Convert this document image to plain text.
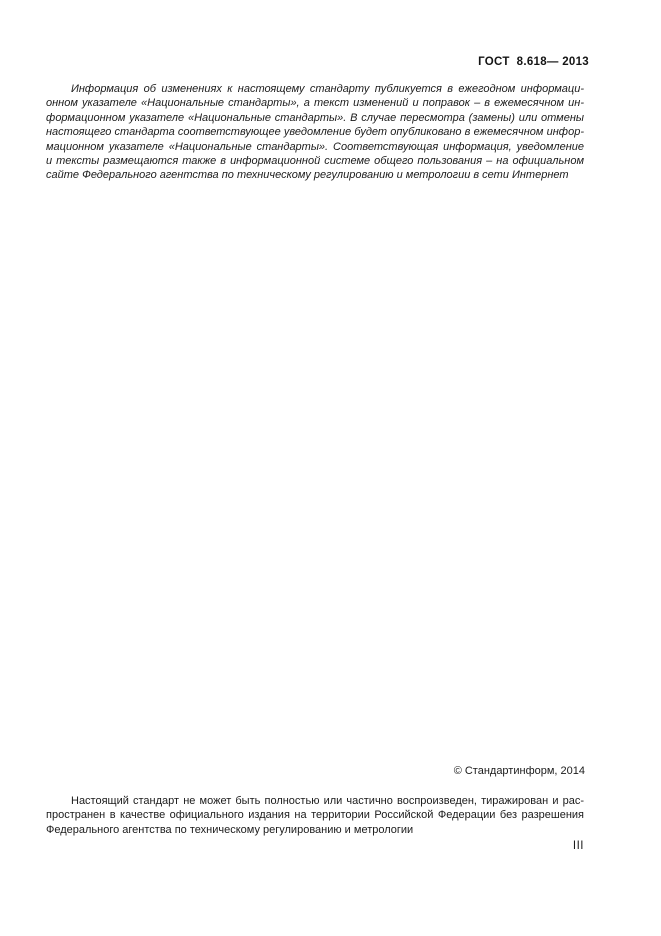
ГОСТ  8.618— 2013
Информация об изменениях к настоящему стандарту публикуется в ежегодном информаци-
онном указателе «Национальные стандарты», а текст изменений и поправок – в ежемесячном ин-
формационном указателе «Национальные стандарты». В случае пересмотра (замены) или отмены
настоящего стандарта соответствующее уведомление будет опубликовано в ежемесячном инфор-
мационном указателе «Национальные стандарты». Соответствующая информация, уведомление
и тексты размещаются также в информационной системе общего пользования – на официальном
сайте Федерального агентства по техническому регулированию и метрологии в сети Интернет
© Стандартинформ, 2014
Настоящий стандарт не может быть полностью или частично воспроизведен, тиражирован и рас-
пространен в качестве официального издания на территории Российской Федерации без разрешения
Федерального агентства по техническому регулированию и метрологии
III
